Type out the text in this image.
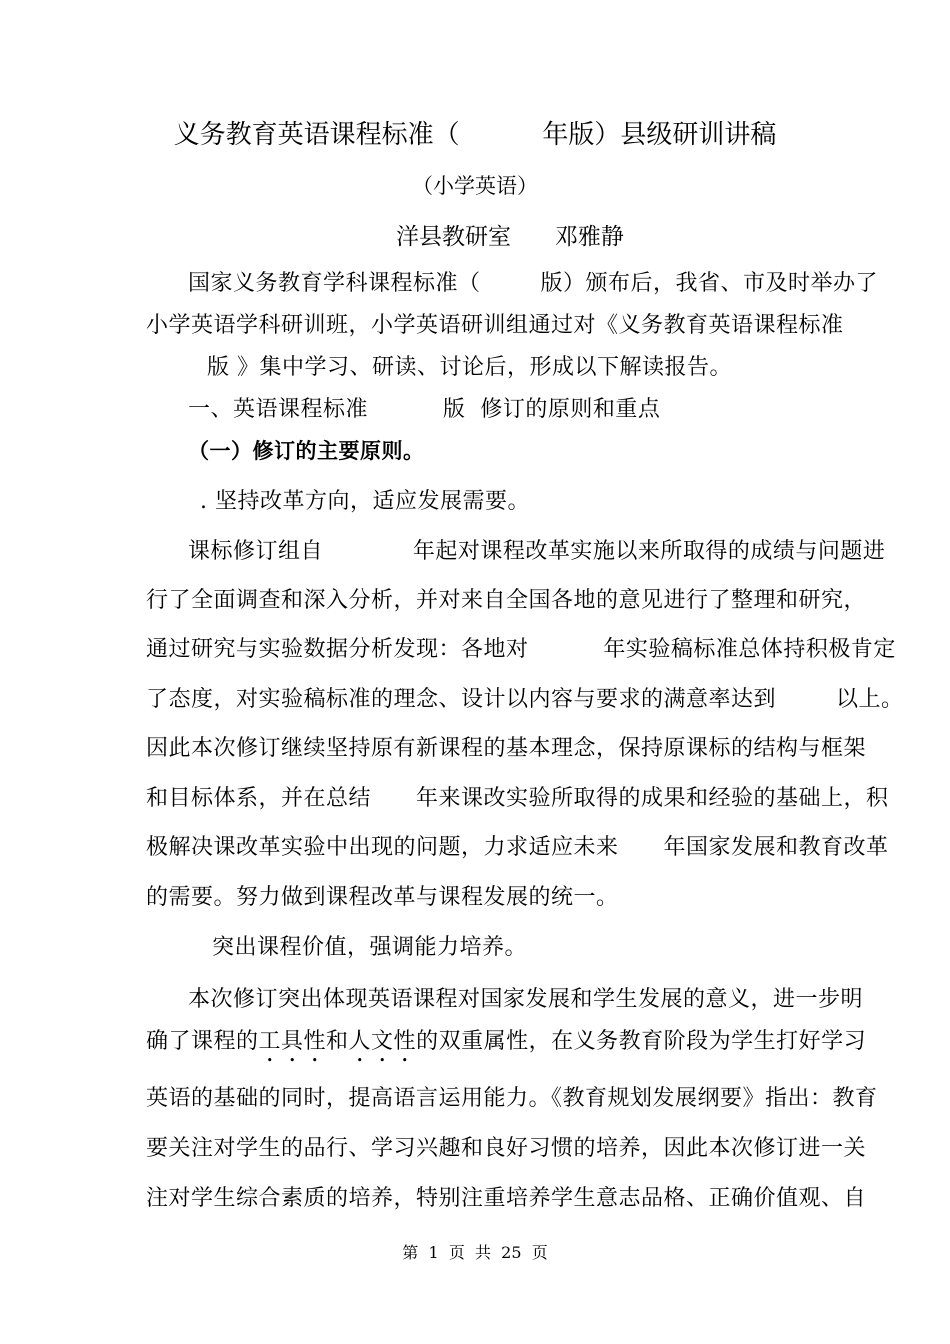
义务教育英语课程标准（          年版）县级研训讲稿
（小学英语）
洋县教研室      邓雅静
国家义务教育学科课程标准（        版）颁布后，我省、市及时举办了
小学英语学科研训班，小学英语研训组通过对《义务教育英语课程标准
版 》集中学习、研读、讨论后，形成以下解读报告。
一、英语课程标准          版  修订的原则和重点
（一）修订的主要原则。
. 坚持改革方向，适应发展需要。
课标修订组自            年起对课程改革实施以来所取得的成绩与问题进
行了全面调查和深入分析，并对来自全国各地的意见进行了整理和研究，
通过研究与实验数据分析发现：各地对          年实验稿标准总体持积极肯定
了态度，对实验稿标准的理念、设计以内容与要求的满意率达到        以上。
因此本次修订继续坚持原有新课程的基本理念，保持原课标的结构与框架
和目标体系，并在总结      年来课改实验所取得的成果和经验的基础上，积
极解决课改革实验中出现的问题，力求适应未来      年国家发展和教育改革
的需要。努力做到课程改革与课程发展的统一。
突出课程价值，强调能力培养。
本次修订突出体现英语课程对国家发展和学生发展的意义，进一步明
确了课程的工具性和人文性的双重属性，在义务教育阶段为学生打好学习
英语的基础的同时，提高语言运用能力。《教育规划发展纲要》指出：教育
要关注对学生的品行、学习兴趣和良好习惯的培养，因此本次修订进一关
注对学生综合素质的培养，特别注重培养学生意志品格、正确价值观、自
第  1  页  共  25  页
